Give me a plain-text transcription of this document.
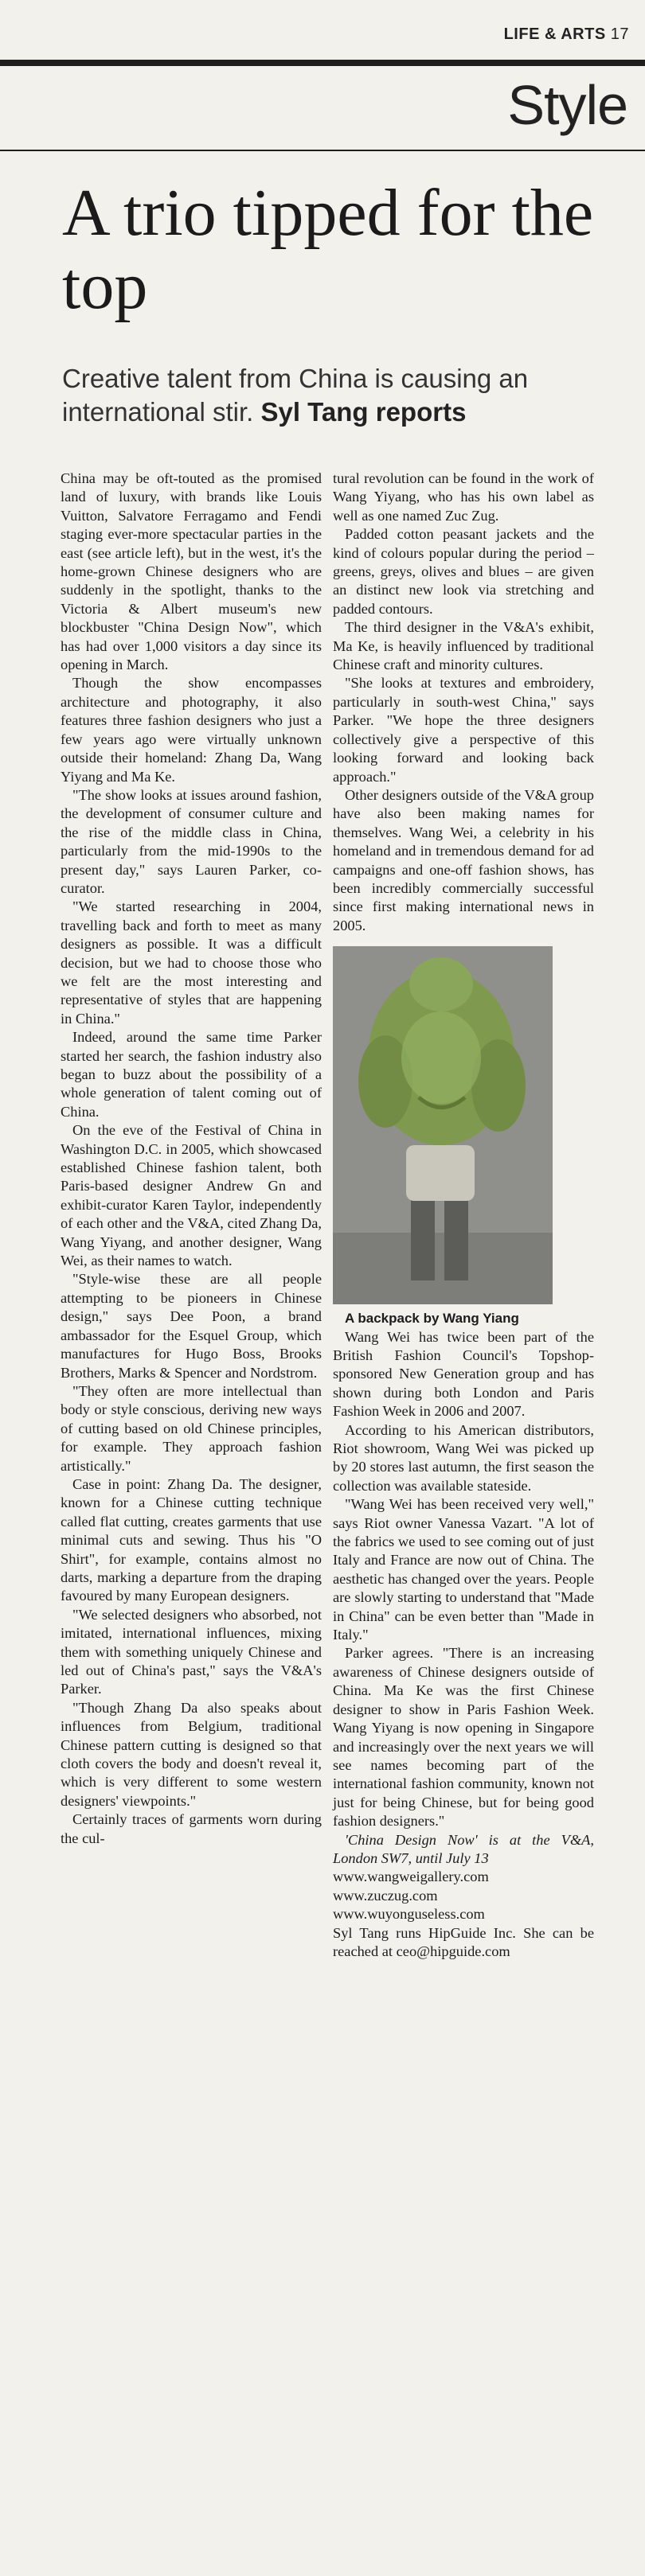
LIFE & ARTS 17
Style
A trio tipped for the top

Creative talent from China is causing an international stir. Syl Tang reports

China may be oft-touted as the promised land of luxury, with brands like Louis Vuitton, Salvatore Ferragamo and Fendi staging ever-more spectacular parties in the east (see article left), but in the west, it's the home-grown Chinese designers who are suddenly in the spotlight, thanks to the Victoria & Albert museum's new blockbuster "China Design Now", which has had over 1,000 visitors a day since its opening in March.

Though the show encompasses architecture and photography, it also features three fashion designers who just a few years ago were virtually unknown outside their homeland: Zhang Da, Wang Yiyang and Ma Ke.

"The show looks at issues around fashion, the development of consumer culture and the rise of the middle class in China, particularly from the mid-1990s to the present day," says Lauren Parker, co-curator.

"We started researching in 2004, travelling back and forth to meet as many designers as possible. It was a difficult decision, but we had to choose those who we felt are the most interesting and representative of styles that are happening in China."

Indeed, around the same time Parker started her search, the fashion industry also began to buzz about the possibility of a whole generation of talent coming out of China.

On the eve of the Festival of China in Washington D.C. in 2005, which showcased established Chinese fashion talent, both Paris-based designer Andrew Gn and exhibit-curator Karen Taylor, independently of each other and the V&A, cited Zhang Da, Wang Yiyang, and another designer, Wang Wei, as their names to watch.

"Style-wise these are all people attempting to be pioneers in Chinese design," says Dee Poon, a brand ambassador for the Esquel Group, which manufactures for Hugo Boss, Brooks Brothers, Marks & Spencer and Nordstrom.

"They often are more intellectual than body or style conscious, deriving new ways of cutting based on old Chinese principles, for example. They approach fashion artistically."

Case in point: Zhang Da. The designer, known for a Chinese cutting technique called flat cutting, creates garments that use minimal cuts and sewing. Thus his "O Shirt", for example, contains almost no darts, marking a departure from the draping favoured by many European designers.

"We selected designers who absorbed, not imitated, international influences, mixing them with something uniquely Chinese and led out of China's past," says the V&A's Parker.

"Though Zhang Da also speaks about influences from Belgium, traditional Chinese pattern cutting is designed so that cloth covers the body and doesn't reveal it, which is very different to some western designers' viewpoints."

Certainly traces of garments worn during the cul-

tural revolution can be found in the work of Wang Yiyang, who has his own label as well as one named Zuc Zug.

Padded cotton peasant jackets and the kind of colours popular during the period – greens, greys, olives and blues – are given an distinct new look via stretching and padded contours.

The third designer in the V&A's exhibit, Ma Ke, is heavily influenced by traditional Chinese craft and minority cultures.

"She looks at textures and embroidery, particularly in south-west China," says Parker. "We hope the three designers collectively give a perspective of this looking forward and looking back approach."

Other designers outside of the V&A group have also been making names for themselves. Wang Wei, a celebrity in his homeland and in tremendous demand for ad campaigns and one-off fashion shows, has been incredibly commercially successful since first making international news in 2005.

A backpack by Wang Yiang

Wang Wei has twice been part of the British Fashion Council's Topshop-sponsored New Generation group and has shown during both London and Paris Fashion Week in 2006 and 2007.

According to his American distributors, Riot showroom, Wang Wei was picked up by 20 stores last autumn, the first season the collection was available stateside.

"Wang Wei has been received very well," says Riot owner Vanessa Vazart. "A lot of the fabrics we used to see coming out of just Italy and France are now out of China. The aesthetic has changed over the years. People are slowly starting to understand that "Made in China" can be even better than "Made in Italy."

Parker agrees. "There is an increasing awareness of Chinese designers outside of China. Ma Ke was the first Chinese designer to show in Paris Fashion Week. Wang Yiyang is now opening in Singapore and increasingly over the next years we will see names becoming part of the international fashion community, known not just for being Chinese, but for being good fashion designers."

'China Design Now' is at the V&A, London SW7, until July 13

www.wangweigallery.com
www.zuczug.com
www.wuyonguseless.com
Syl Tang runs HipGuide Inc. She can be reached at ceo@hipguide.com
